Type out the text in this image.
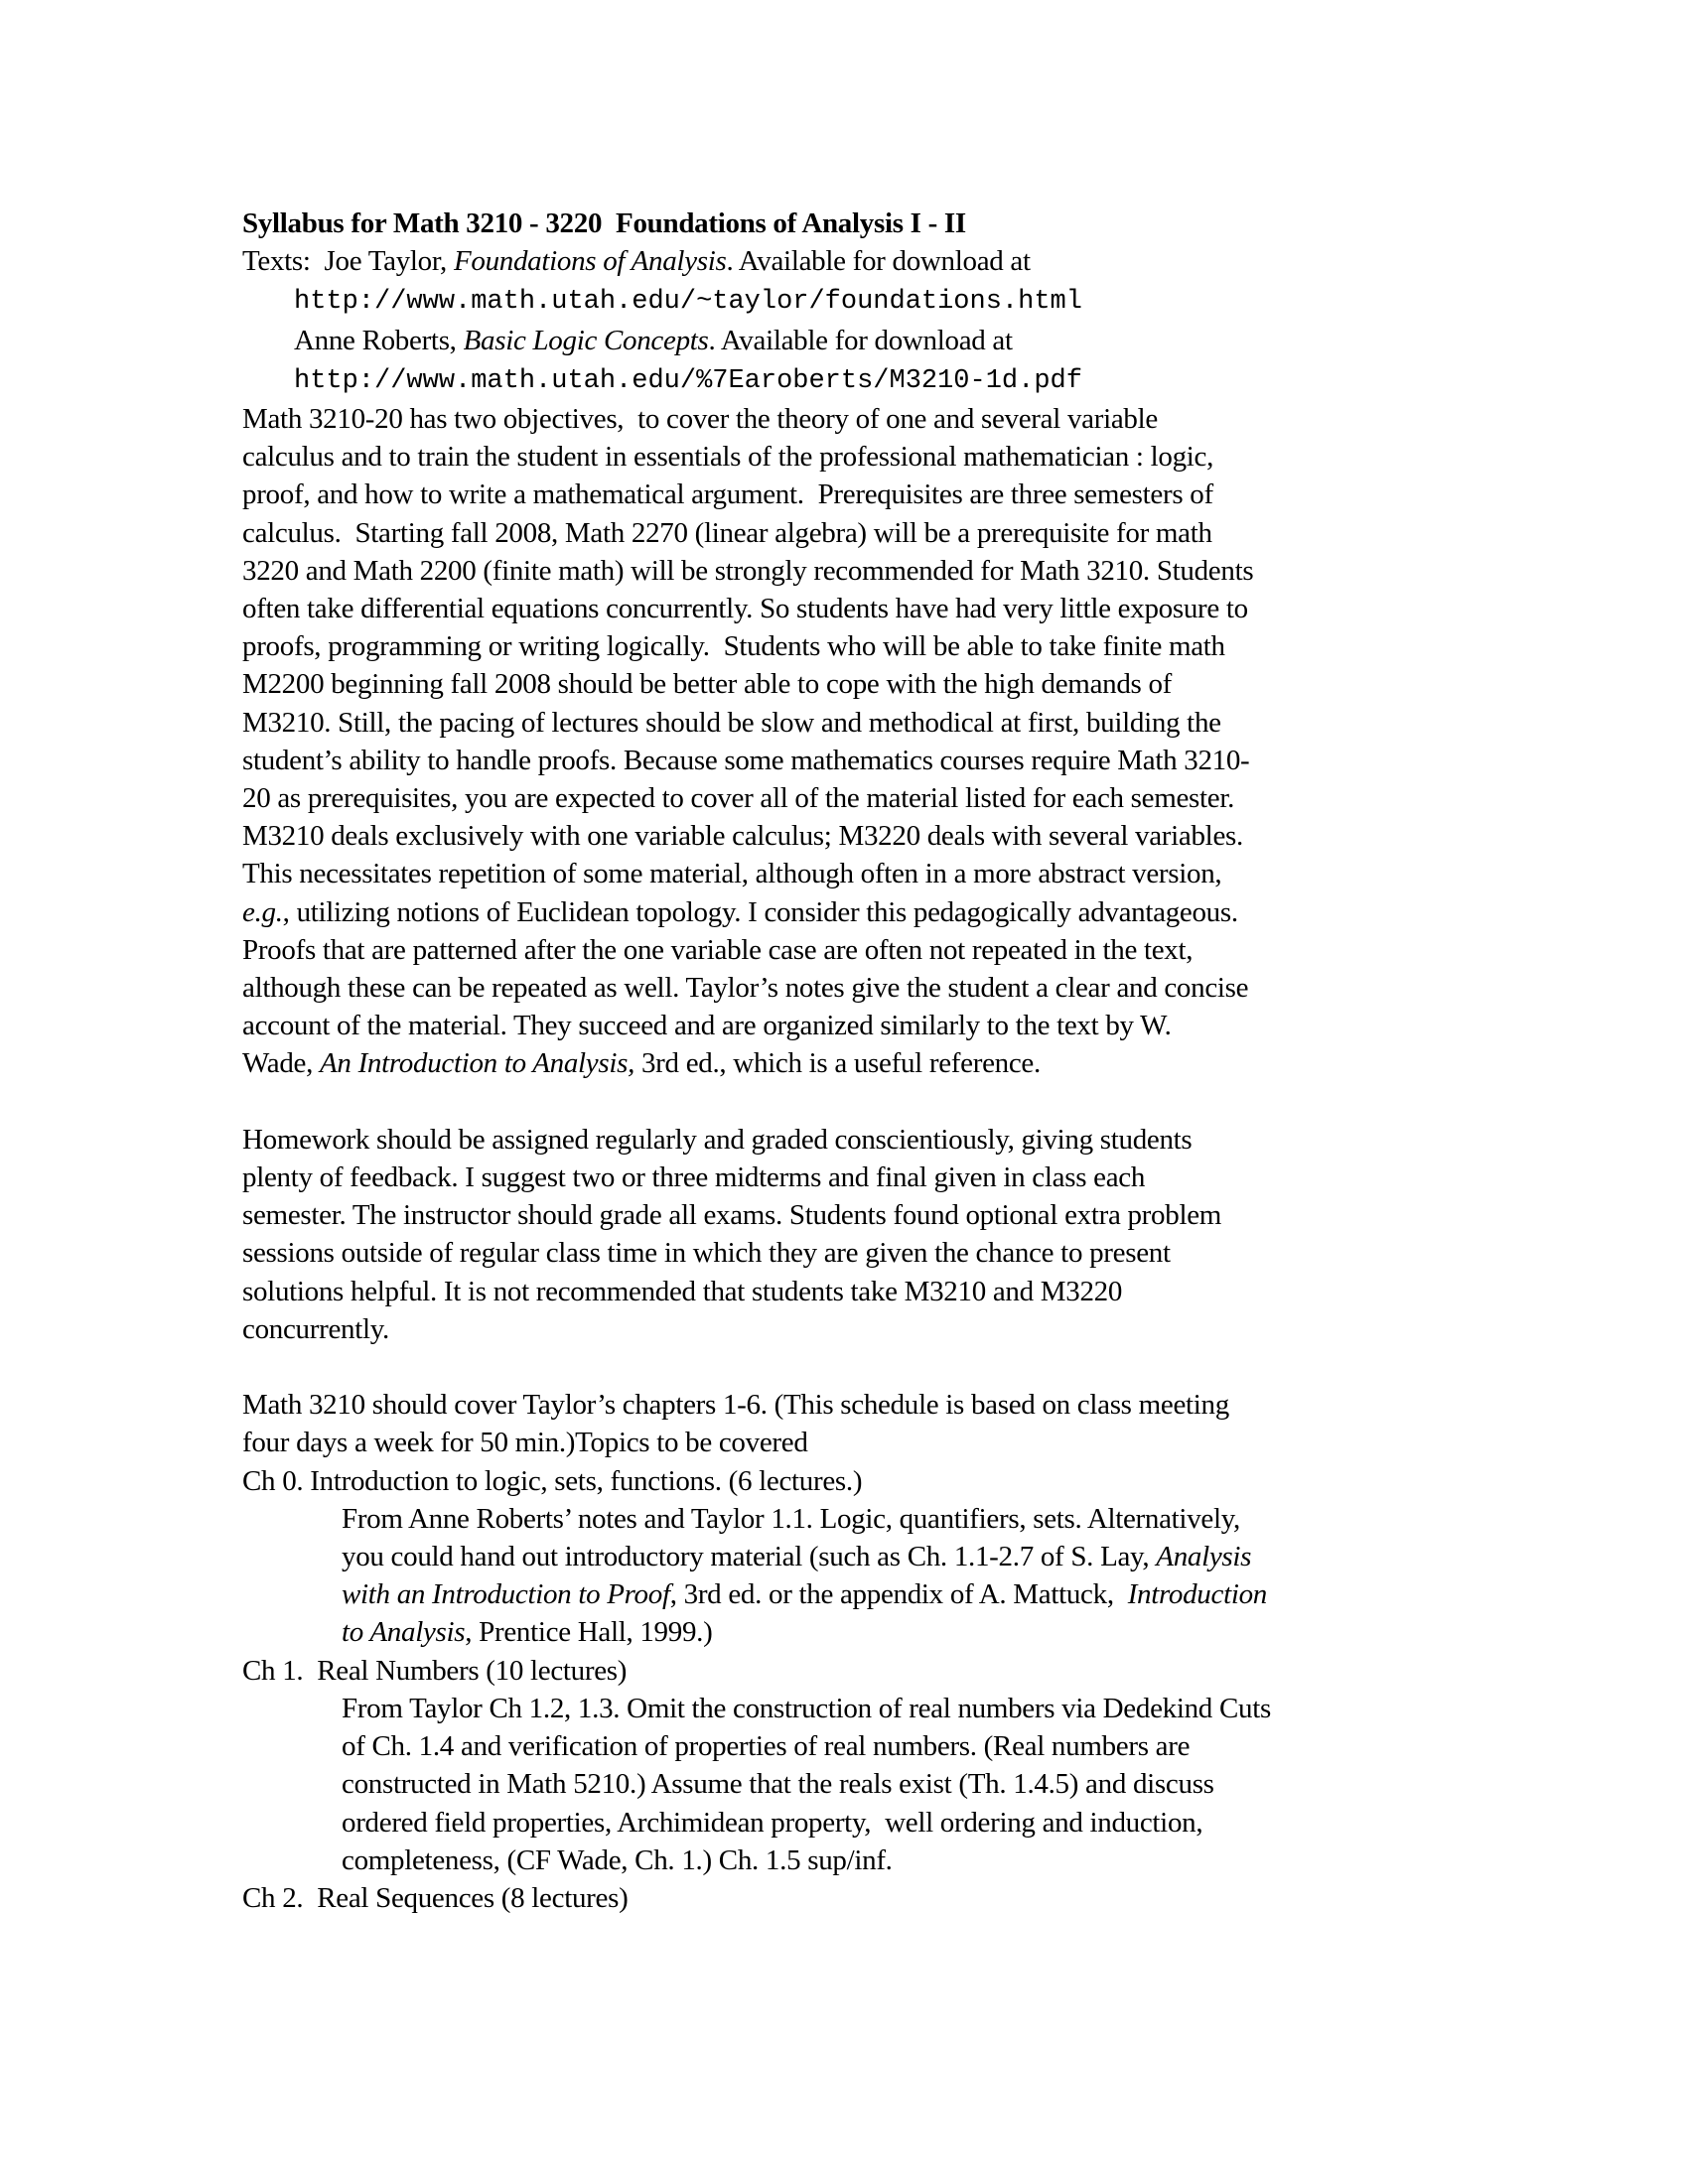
Syllabus for Math 3210 - 3220  Foundations of Analysis I - II
Texts:  Joe Taylor, Foundations of Analysis. Available for download at
http://www.math.utah.edu/~taylor/foundations.html
Anne Roberts, Basic Logic Concepts. Available for download at
http://www.math.utah.edu/%7Earoberts/M3210-1d.pdf
Math 3210-20 has two objectives,  to cover the theory of one and several variable
calculus and to train the student in essentials of the professional mathematician : logic,
proof, and how to write a mathematical argument.  Prerequisites are three semesters of
calculus.  Starting fall 2008, Math 2270 (linear algebra) will be a prerequisite for math
3220 and Math 2200 (finite math) will be strongly recommended for Math 3210. Students
often take differential equations concurrently. So students have had very little exposure to
proofs, programming or writing logically.  Students who will be able to take finite math
M2200 beginning fall 2008 should be better able to cope with the high demands of
M3210. Still, the pacing of lectures should be slow and methodical at first, building the
student’s ability to handle proofs. Because some mathematics courses require Math 3210-
20 as prerequisites, you are expected to cover all of the material listed for each semester.
M3210 deals exclusively with one variable calculus; M3220 deals with several variables.
This necessitates repetition of some material, although often in a more abstract version,
e.g., utilizing notions of Euclidean topology. I consider this pedagogically advantageous.
Proofs that are patterned after the one variable case are often not repeated in the text,
although these can be repeated as well. Taylor’s notes give the student a clear and concise
account of the material. They succeed and are organized similarly to the text by W.
Wade, An Introduction to Analysis, 3rd ed., which is a useful reference.
Homework should be assigned regularly and graded conscientiously, giving students
plenty of feedback. I suggest two or three midterms and final given in class each
semester. The instructor should grade all exams. Students found optional extra problem
sessions outside of regular class time in which they are given the chance to present
solutions helpful. It is not recommended that students take M3210 and M3220
concurrently.
Math 3210 should cover Taylor’s chapters 1-6. (This schedule is based on class meeting
four days a week for 50 min.)Topics to be covered
Ch 0. Introduction to logic, sets, functions. (6 lectures.)
From Anne Roberts’ notes and Taylor 1.1. Logic, quantifiers, sets. Alternatively,
you could hand out introductory material (such as Ch. 1.1-2.7 of S. Lay, Analysis
with an Introduction to Proof, 3rd ed. or the appendix of A. Mattuck,  Introduction
to Analysis, Prentice Hall, 1999.)
Ch 1.  Real Numbers (10 lectures)
From Taylor Ch 1.2, 1.3. Omit the construction of real numbers via Dedekind Cuts
of Ch. 1.4 and verification of properties of real numbers. (Real numbers are
constructed in Math 5210.) Assume that the reals exist (Th. 1.4.5) and discuss
ordered field properties, Archimidean property,  well ordering and induction,
completeness, (CF Wade, Ch. 1.) Ch. 1.5 sup/inf.
Ch 2.  Real Sequences (8 lectures)
